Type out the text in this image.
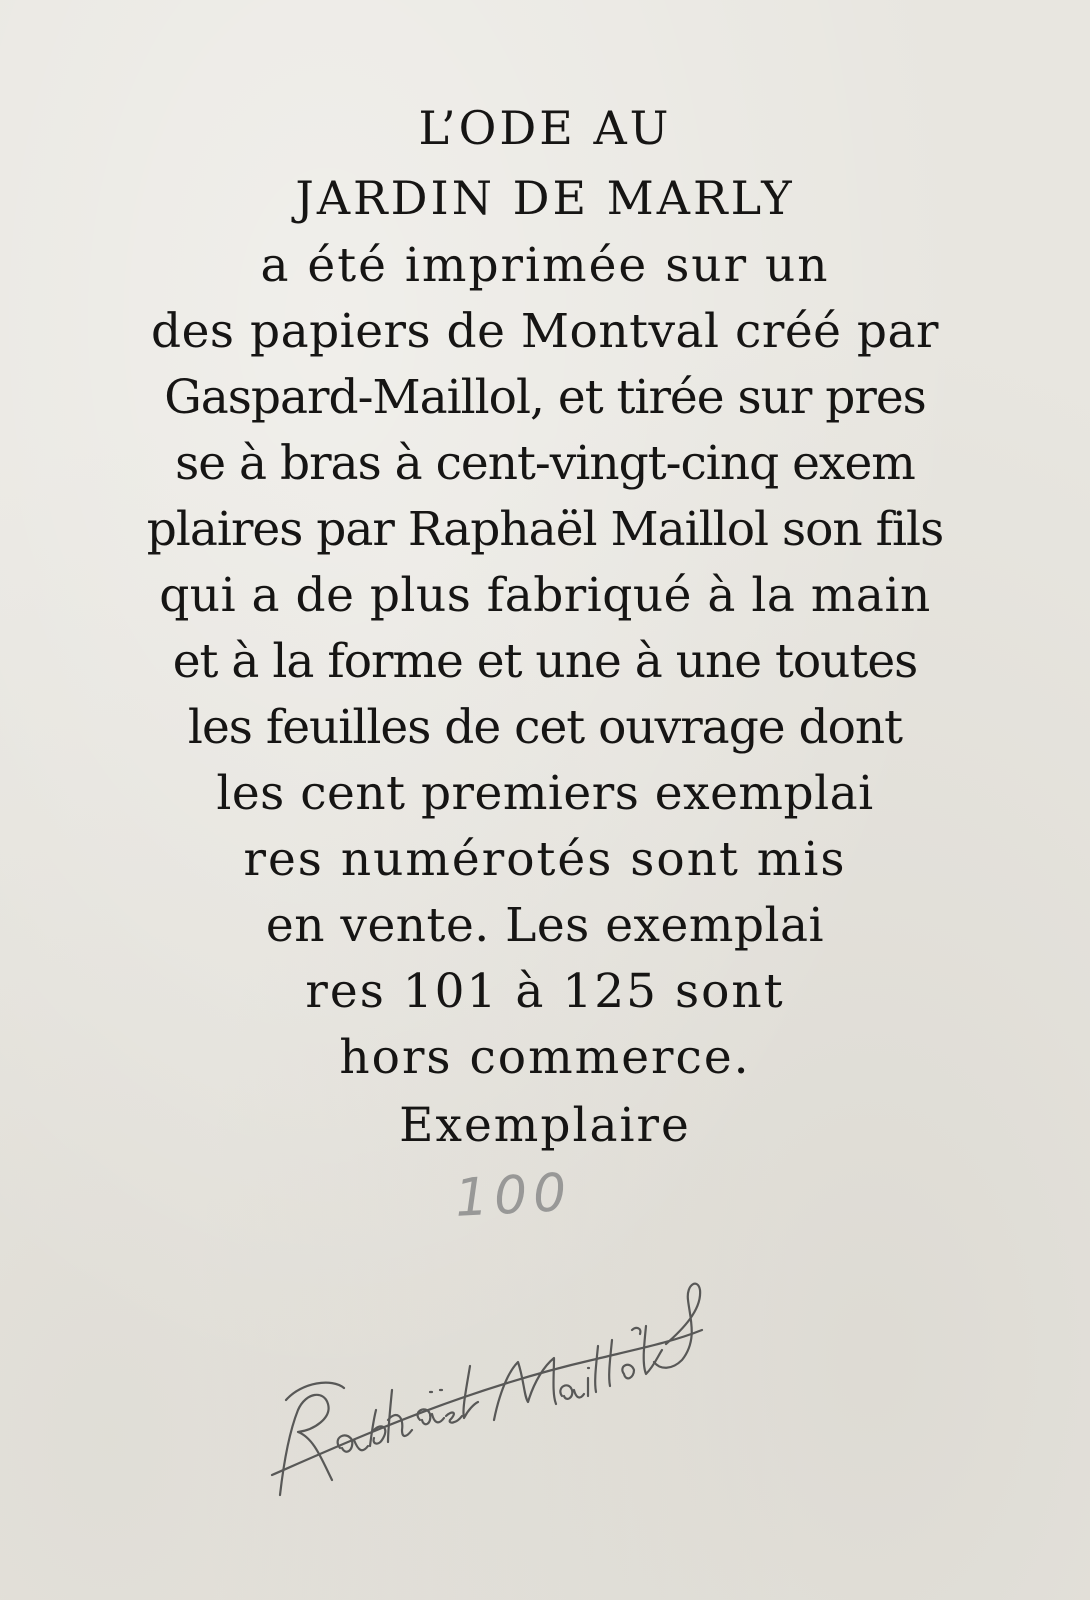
L’ODE AU
JARDIN DE MARLY
a été imprimée sur un
des papiers de Montval créé par
Gaspard-Maillol, et tirée sur pres
se à bras à cent-vingt-cinq exem
plaires par Raphaël Maillol son fils
qui a de plus fabriqué à la main
et à la forme et une à une toutes
les feuilles de cet ouvrage dont
les cent premiers exemplai
res numérotés sont mis
en vente. Les exemplai
res 101 à 125 sont
hors commerce.
Exemplaire
100
